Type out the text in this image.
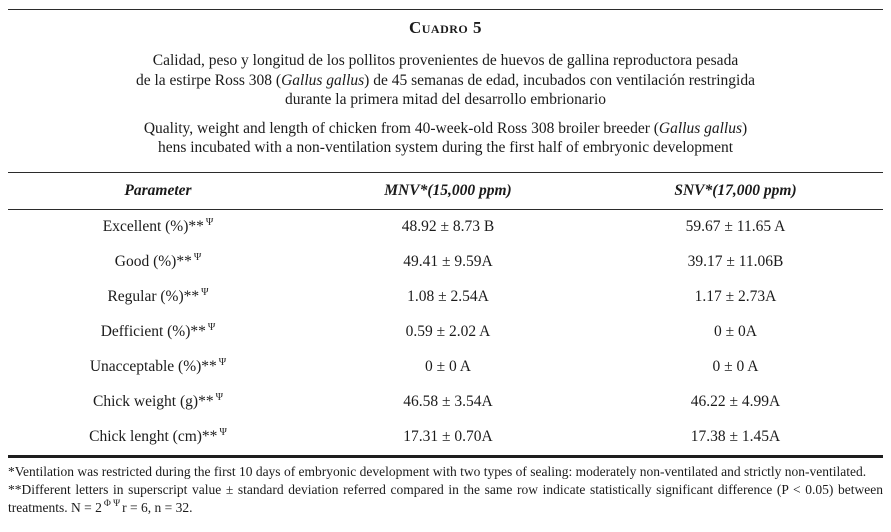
Cuadro 5
Calidad, peso y longitud de los pollitos provenientes de huevos de gallina reproductora pesada
de la estirpe Ross 308 (Gallus gallus) de 45 semanas de edad, incubados con ventilación restringida
durante la primera mitad del desarrollo embrionario
Quality, weight and length of chicken from 40-week-old Ross 308 broiler breeder (Gallus gallus)
hens incubated with a non-ventilation system during the first half of embryonic development
Parameter	MNV*(15,000 ppm)	SNV*(17,000 ppm)
Excellent (%)** $^\Psi$	48.92 ± 8.73 B	59.67 ± 11.65 A
Good (%)** $^\Psi$	49.41 ± 9.59A	39.17 ± 11.06B
Regular (%)** $^\Psi$	1.08 ± 2.54A	1.17 ± 2.73A
Defficient (%)** $^\Psi$	0.59 ± 2.02 A	0 ± 0A
Unacceptable (%)** $^\Psi$	0 ± 0 A	0 ± 0 A
Chick weight (g)** $^\Psi$	46.58 ± 3.54A	46.22 ± 4.99A
Chick lenght (cm)** $^\Psi$	17.31 ± 0.70A	17.38 ± 1.45A
*Ventilation was restricted during the first 10 days of embryonic development with two types of sealing: moderately non-ventilated and strictly non-ventilated.
**Different letters in superscript value ± standard deviation referred compared in the same row indicate statistically significant difference (P < 0.05) between treatments. N = 2 $^{\Phi \Psi}$ r = 6, n = 32.
